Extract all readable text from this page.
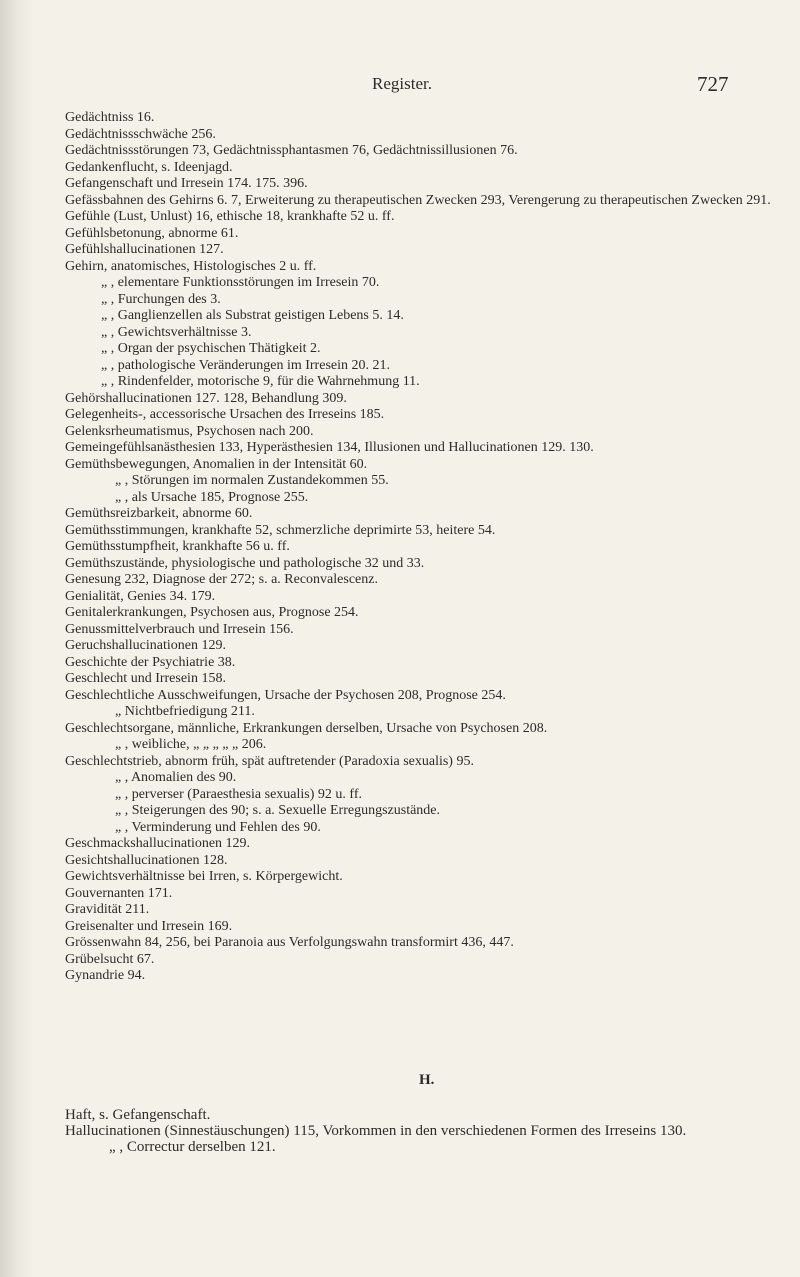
Register.	727
Gedächtniss 16.
Gedächtnissschwäche 256.
Gedächtnissstörungen 73, Gedächtnissphantasmen 76, Gedächtnissillusionen 76.
Gedankenflucht, s. Ideenjagd.
Gefangenschaft und Irresein 174. 175. 396.
Gefässbahnen des Gehirns 6. 7, Erweiterung zu therapeutischen Zwecken 293, Verengerung zu therapeutischen Zwecken 291.
Gefühle (Lust, Unlust) 16, ethische 18, krankhafte 52 u. ff.
Gefühlsbetonung, abnorme 61.
Gefühlshallucinationen 127.
Gehirn, anatomisches, Histologisches 2 u. ff.
„ , elementare Funktionsstörungen im Irresein 70.
„ , Furchungen des 3.
„ , Ganglienzellen als Substrat geistigen Lebens 5. 14.
„ , Gewichtsverhältnisse 3.
„ , Organ der psychischen Thätigkeit 2.
„ , pathologische Veränderungen im Irresein 20. 21.
„ , Rindenfelder, motorische 9, für die Wahrnehmung 11.
Gehörshallucinationen 127. 128, Behandlung 309.
Gelegenheits-, accessorische Ursachen des Irreseins 185.
Gelenksrheumatismus, Psychosen nach 200.
Gemeingefühlsanästhesien 133, Hyperästhesien 134, Illusionen und Hallucinationen 129. 130.
Gemüthsbewegungen, Anomalien in der Intensität 60.
„ , Störungen im normalen Zustandekommen 55.
„ , als Ursache 185, Prognose 255.
Gemüthsreizbarkeit, abnorme 60.
Gemüthsstimmungen, krankhafte 52, schmerzliche deprimirte 53, heitere 54.
Gemüthsstumpfheit, krankhafte 56 u. ff.
Gemüthszustände, physiologische und pathologische 32 und 33.
Genesung 232, Diagnose der 272; s. a. Reconvalescenz.
Genialität, Genies 34. 179.
Genitalerkrankungen, Psychosen aus, Prognose 254.
Genussmittelverbrauch und Irresein 156.
Geruchshallucinationen 129.
Geschichte der Psychiatrie 38.
Geschlecht und Irresein 158.
Geschlechtliche Ausschweifungen, Ursache der Psychosen 208, Prognose 254.
„ Nichtbefriedigung 211.
Geschlechtsorgane, männliche, Erkrankungen derselben, Ursache von Psychosen 208.
„ , weibliche, „ „ „ „ „ 206.
Geschlechtstrieb, abnorm früh, spät auftretender (Paradoxia sexualis) 95.
„ , Anomalien des 90.
„ , perverser (Paraesthesia sexualis) 92 u. ff.
„ , Steigerungen des 90; s. a. Sexuelle Erregungszustände.
„ , Verminderung und Fehlen des 90.
Geschmackshallucinationen 129.
Gesichtshallucinationen 128.
Gewichtsverhältnisse bei Irren, s. Körpergewicht.
Gouvernanten 171.
Gravidität 211.
Greisenalter und Irresein 169.
Grössenwahn 84, 256, bei Paranoia aus Verfolgungswahn transformirt 436, 447.
Grübelsucht 67.
Gynandrie 94.
H.
Haft, s. Gefangenschaft.
Hallucinationen (Sinnestäuschungen) 115, Vorkommen in den verschiedenen Formen des Irreseins 130.
„ , Correctur derselben 121.
